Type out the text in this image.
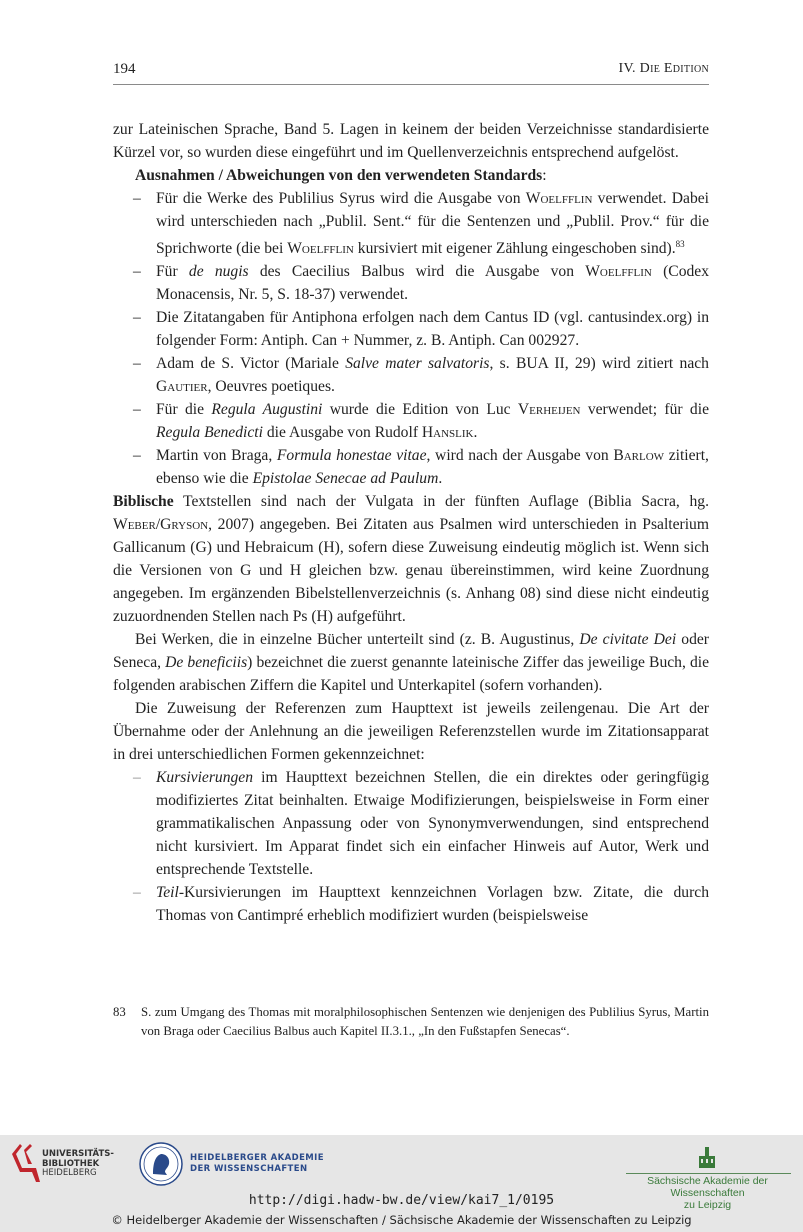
194	IV. Die Edition

zur Lateinischen Sprache, Band 5. Lagen in keinem der beiden Verzeichnisse standardisierte Kürzel vor, so wurden diese eingeführt und im Quellenverzeichnis entsprechend aufgelöst.

Ausnahmen / Abweichungen von den verwendeten Standards:

– Für die Werke des Publilius Syrus wird die Ausgabe von Woelfflin verwendet. Dabei wird unterschieden nach „Publil. Sent.“ für die Sentenzen und „Publil. Prov.“ für die Sprichworte (die bei Woelfflin kursiviert mit eigener Zählung eingeschoben sind).$^{83}$
– Für de nugis des Caecilius Balbus wird die Ausgabe von Woelfflin (Codex Monacensis, Nr. 5, S. 18-37) verwendet.
– Die Zitatangaben für Antiphona erfolgen nach dem Cantus ID (vgl. cantusindex.org) in folgender Form: Antiph. Can + Nummer, z. B. Antiph. Can 002927.
– Adam de S. Victor (Mariale Salve mater salvatoris, s. BUA II, 29) wird zitiert nach Gautier, Oeuvres poetiques.
– Für die Regula Augustini wurde die Edition von Luc Verheijen verwendet; für die Regula Benedicti die Ausgabe von Rudolf Hanslik.
– Martin von Braga, Formula honestae vitae, wird nach der Ausgabe von Barlow zitiert, ebenso wie die Epistolae Senecae ad Paulum.

Biblische Textstellen sind nach der Vulgata in der fünften Auflage (Biblia Sacra, hg. Weber/Gryson, 2007) angegeben. Bei Zitaten aus Psalmen wird unterschieden in Psalterium Gallicanum (G) und Hebraicum (H), sofern diese Zuweisung eindeutig möglich ist. Wenn sich die Versionen von G und H gleichen bzw. genau übereinstimmen, wird keine Zuordnung angegeben. Im ergänzenden Bibelstellenverzeichnis (s. Anhang 08) sind diese nicht eindeutig zuzuordnenden Stellen nach Ps (H) aufgeführt.

Bei Werken, die in einzelne Bücher unterteilt sind (z. B. Augustinus, De civitate Dei oder Seneca, De beneficiis) bezeichnet die zuerst genannte lateinische Ziffer das jeweilige Buch, die folgenden arabischen Ziffern die Kapitel und Unterkapitel (sofern vorhanden).

Die Zuweisung der Referenzen zum Haupttext ist jeweils zeilengenau. Die Art der Übernahme oder der Anlehnung an die jeweiligen Referenzstellen wurde im Zitationsapparat in drei unterschiedlichen Formen gekennzeichnet:

– Kursivierungen im Haupttext bezeichnen Stellen, die ein direktes oder geringfügig modifiziertes Zitat beinhalten. Etwaige Modifizierungen, beispielsweise in Form einer grammatikalischen Anpassung oder von Synonymverwendungen, sind entsprechend nicht kursiviert. Im Apparat findet sich ein einfacher Hinweis auf Autor, Werk und entsprechende Textstelle.
– Teil-Kursivierungen im Haupttext kennzeichnen Vorlagen bzw. Zitate, die durch Thomas von Cantimpré erheblich modifiziert wurden (beispielsweise
83 S. zum Umgang des Thomas mit moralphilosophischen Sentenzen wie denjenigen des Publilius Syrus, Martin von Braga oder Caecilius Balbus auch Kapitel II.3.1., „In den Fußstapfen Senecas“.
UNIVERSITÄTS-
BIBLIOTHEK
HEIDELBERG
HEIDELBERGER AKADEMIE
DER WISSENSCHAFTEN
Sächsische Akademie der Wissenschaften
zu Leipzig
http://digi.hadw-bw.de/view/kai7_1/0195
© Heidelberger Akademie der Wissenschaften / Sächsische Akademie der Wissenschaften zu Leipzig
